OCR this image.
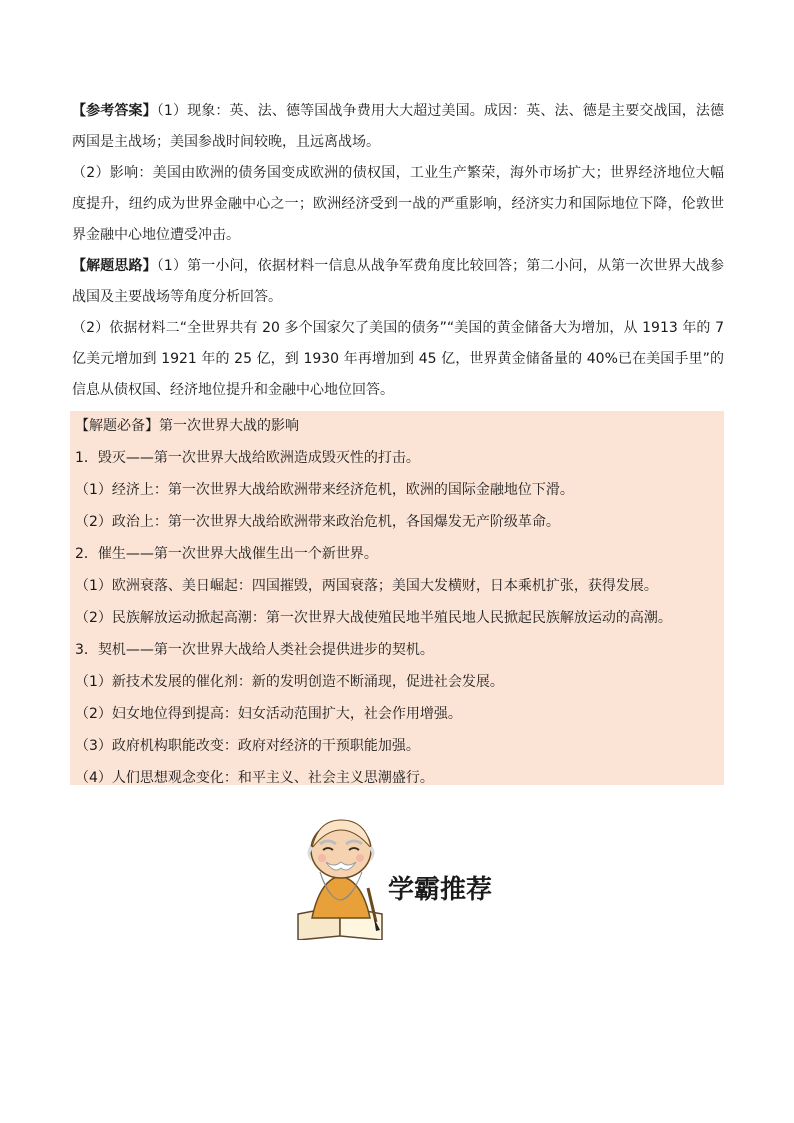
【参考答案】（1）现象：英、法、德等国战争费用大大超过美国。成因：英、法、德是主要交战国，法德两国是主战场；美国参战时间较晚，且远离战场。

（2）影响：美国由欧洲的债务国变成欧洲的债权国，工业生产繁荣，海外市场扩大；世界经济地位大幅度提升，纽约成为世界金融中心之一；欧洲经济受到一战的严重影响，经济实力和国际地位下降，伦敦世界金融中心地位遭受冲击。

【解题思路】（1）第一小问，依据材料一信息从战争军费角度比较回答；第二小问，从第一次世界大战参战国及主要战场等角度分析回答。

（2）依据材料二“全世界共有 20 多个国家欠了美国的债务”“美国的黄金储备大为增加，从 1913 年的 7 亿美元增加到 1921 年的 25 亿，到 1930 年再增加到 45 亿，世界黄金储备量的 40%已在美国手里”的信息从债权国、经济地位提升和金融中心地位回答。

【解题必备】第一次世界大战的影响
1．毁灭——第一次世界大战给欧洲造成毁灭性的打击。
（1）经济上：第一次世界大战给欧洲带来经济危机，欧洲的国际金融地位下滑。
（2）政治上：第一次世界大战给欧洲带来政治危机，各国爆发无产阶级革命。
2．催生——第一次世界大战催生出一个新世界。
（1）欧洲衰落、美日崛起：四国摧毁，两国衰落；美国大发横财，日本乘机扩张，获得发展。
（2）民族解放运动掀起高潮：第一次世界大战使殖民地半殖民地人民掀起民族解放运动的高潮。
3．契机——第一次世界大战给人类社会提供进步的契机。
（1）新技术发展的催化剂：新的发明创造不断涌现，促进社会发展。
（2）妇女地位得到提高：妇女活动范围扩大，社会作用增强。
（3）政府机构职能改变：政府对经济的干预职能加强。
（4）人们思想观念变化：和平主义、社会主义思潮盛行。
学霸推荐
